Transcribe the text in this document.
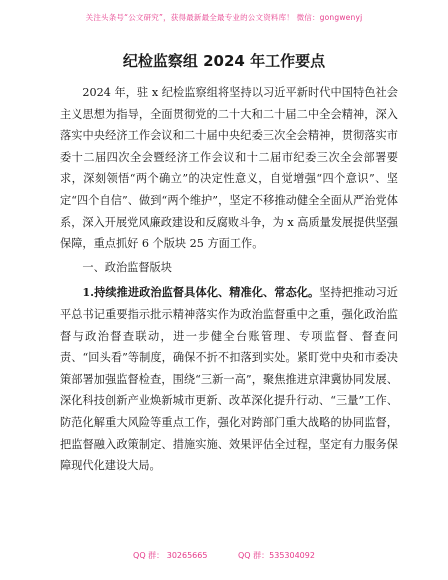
关注头条号“公文研究”，获得最新最全最专业的公文资料库！ 微信：gongwenyj
纪检监察组 2024 年工作要点

2024 年，驻 x 纪检监察组将坚持以习近平新时代中国特色社会主义思想为指导，全面贯彻党的二十大和二十届二中全会精神，深入落实中央经济工作会议和二十届中央纪委三次全会精神，贯彻落实市委十二届四次全会暨经济工作会议和十二届市纪委三次全会部署要求，深刻领悟“两个确立”的决定性意义，自觉增强“四个意识”、坚定“四个自信”、做到“两个维护”，坚定不移推动健全全面从严治党体系，深入开展党风廉政建设和反腐败斗争，为 x 高质量发展提供坚强保障，重点抓好 6 个版块 25 方面工作。

一、政治监督版块

1.持续推进政治监督具体化、精准化、常态化。坚持把推动习近平总书记重要指示批示精神落实作为政治监督重中之重，强化政治监督与政治督查联动，进一步健全台账管理、专项监督、督查问责、“回头看”等制度，确保不折不扣落到实处。紧盯党中央和市委决策部署加强监督检查，围绕“三新一高”，聚焦推进京津冀协同发展、深化科技创新产业焕新城市更新、改革深化提升行动、“三量”工作、防范化解重大风险等重点工作，强化对跨部门重大战略的协同监督，把监督融入政策制定、措施实施、效果评估全过程，坚定有力服务保障现代化建设大局。

QQ 群： 30265665	QQ 群：535304092
